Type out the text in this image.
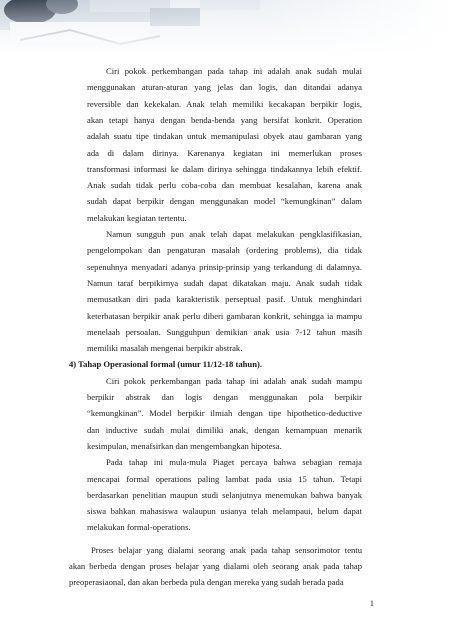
Ciri pokok perkembangan pada tahap ini adalah anak sudah mulai
menggunakan aturan-aturan yang jelas dan logis, dan ditandai adanya
reversible dan kekekalan. Anak telah memiliki kecakapan berpikir logis,
akan tetapi hanya dengan benda-benda yang bersifat konkrit. Operation
adalah suatu tipe tindakan untuk memanipulasi obyek atau gambaran yang
ada di dalam dirinya. Karenanya kegiatan ini memerlukan proses
transformasi informasi ke dalam dirinya sehingga tindakannya lebih efektif.
Anak sudah tidak perlu coba-coba dan membuat kesalahan, karena anak
sudah dapat berpikir dengan menggunakan model “kemungkinan” dalam
melakukan kegiatan tertentu.
Namun sungguh pun anak telah dapat melakukan pengklasifikasian,
pengelompokan dan pengaturan masalah (ordering problems), dia tidak
sepenuhnya menyadari adanya prinsip-prinsip yang terkandung di dalamnya.
Namun taraf berpikirnya sudah dapat dikatakan maju. Anak sudah tidak
memusatkan diri pada karakteristik perseptual pasif. Untuk menghindari
keterbatasan berpikir anak perlu diberi gambaran konkrit, sehingga ia mampu
menelaah persoalan. Sungguhpun demikian anak usia 7-12 tahun masih
memiliki masalah mengenai berpikir abstrak.
4) Tahap Operasional formal (umur 11/12-18 tahun).
Ciri pokok perkembangan pada tahap ini adalah anak sudah mampu
berpikir abstrak dan logis dengan menggunakan pola berpikir
“kemungkinan”. Model berpikir ilmiah dengan tipe hipothetico-deductive
dan inductive sudah mulai dimiliki anak, dengan kemampuan menarik
kesimpulan, menafsirkan dan mengembangkan hipotesa.
Pada tahap ini mula-mula Piaget percaya bahwa sebagian remaja
mencapai formal operations paling lambat pada usia 15 tahun. Tetapi
berdasarkan penelitian maupun studi selanjutnya menemukan bahwa banyak
siswa bahkan mahasiswa walaupun usianya telah melampaui, belum dapat
melakukan formal-operations.
Proses belajar yang dialami seorang anak pada tahap sensorimotor tentu
akan berbeda dengan proses belajar yang dialami oleh seorang anak pada tahap
preoperasiaonal, dan akan berbeda pula dengan mereka yang sudah berada pada
1
